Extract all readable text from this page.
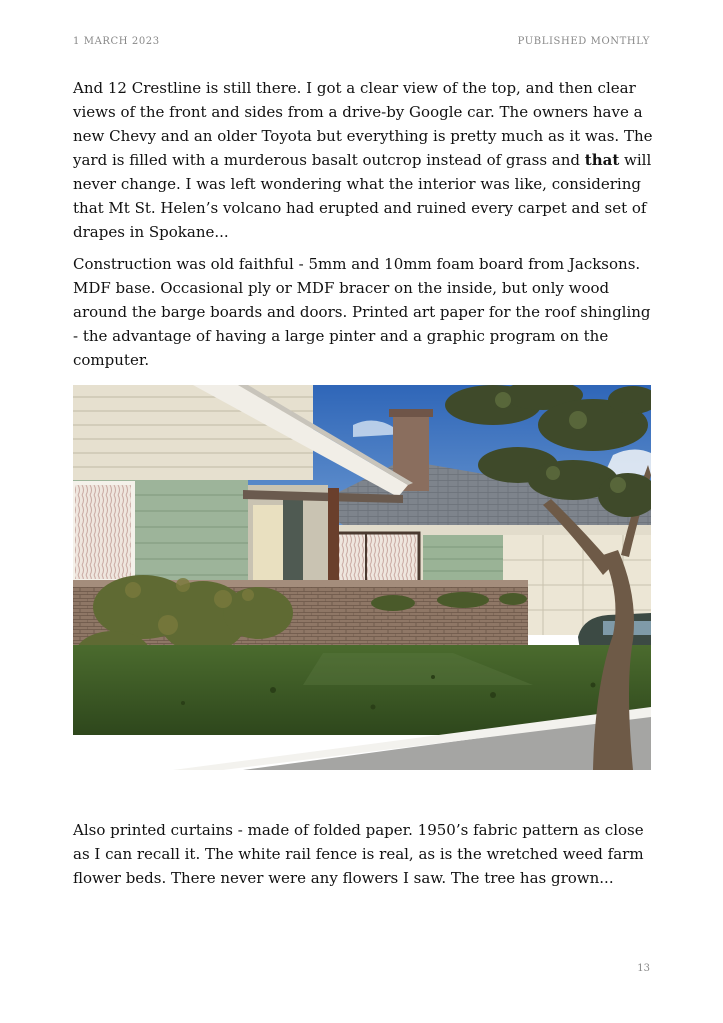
1 MARCH 2023	PUBLISHED MONTHLY

And 12 Crestline is still there. I got a clear view of the top, and then clear views of the front and sides from a drive-by Google car. The owners have a new Chevy and an older Toyota but everything is pretty much as it was. The yard is filled with a murderous basalt outcrop instead of grass and that will never change. I was left wondering what the interior was like, considering that Mt St. Helen’s volcano had erupted and ruined every carpet and set of drapes in Spokane...

Construction was old faithful - 5mm and 10mm foam board from Jacksons. MDF base. Occasional ply or MDF bracer on the inside, but only wood around the barge boards and doors. Printed art paper for the roof shingling - the advantage of having a large pinter and a graphic program on the computer.

Also printed curtains - made of folded paper. 1950’s fabric pattern as close as I can recall it. The white rail fence is real, as is the wretched weed farm flower beds. There never were any flowers I saw. The tree has grown...

13
